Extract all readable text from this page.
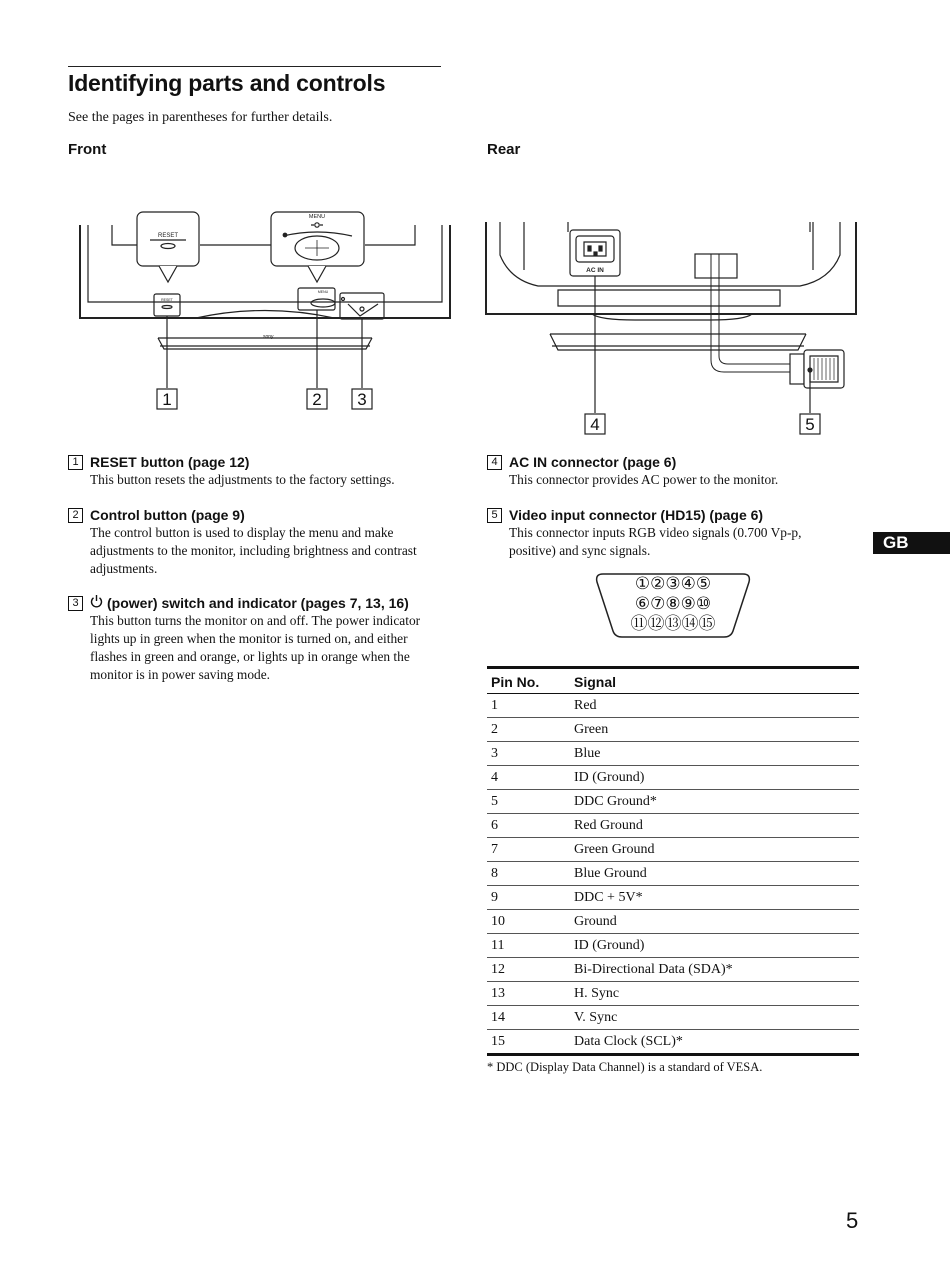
Identifying parts and controls
See the pages in parentheses for further details.
Front	Rear
sony
RESET
MENU
RESET
MENU
1	2 3
AC IN
4	5
1 RESET button (page 12)
This button resets the adjustments to the factory settings.
2 Control button (page 9)
The control button is used to display the menu and make adjustments to the monitor, including brightness and contrast adjustments.
3	(power) switch and indicator (pages 7, 13, 16)
This button turns the monitor on and off. The power indicator lights up in green when the monitor is turned on, and either flashes in green and orange, or lights up in orange when the monitor is in power saving mode.
4 AC IN connector (page 6)
This connector provides AC power to the monitor.
5 Video input connector (HD15) (page 6)
This connector inputs RGB video signals (0.700 Vp-p, positive) and sync signals.	GB
①②③④⑤
⑥⑦⑧⑨⑩
⑪⑫⑬⑭⑮
Pin No.	Signal
1	Red
2	Green
3	Blue
4	ID (Ground)
5	DDC Ground*
6	Red Ground
7	Green Ground
8	Blue Ground
9	DDC + 5V*
10	Ground
11	ID (Ground)
12	Bi-Directional Data (SDA)*
13	H. Sync
14	V. Sync
15	Data Clock (SCL)*
* DDC (Display Data Channel) is a standard of VESA.
5
